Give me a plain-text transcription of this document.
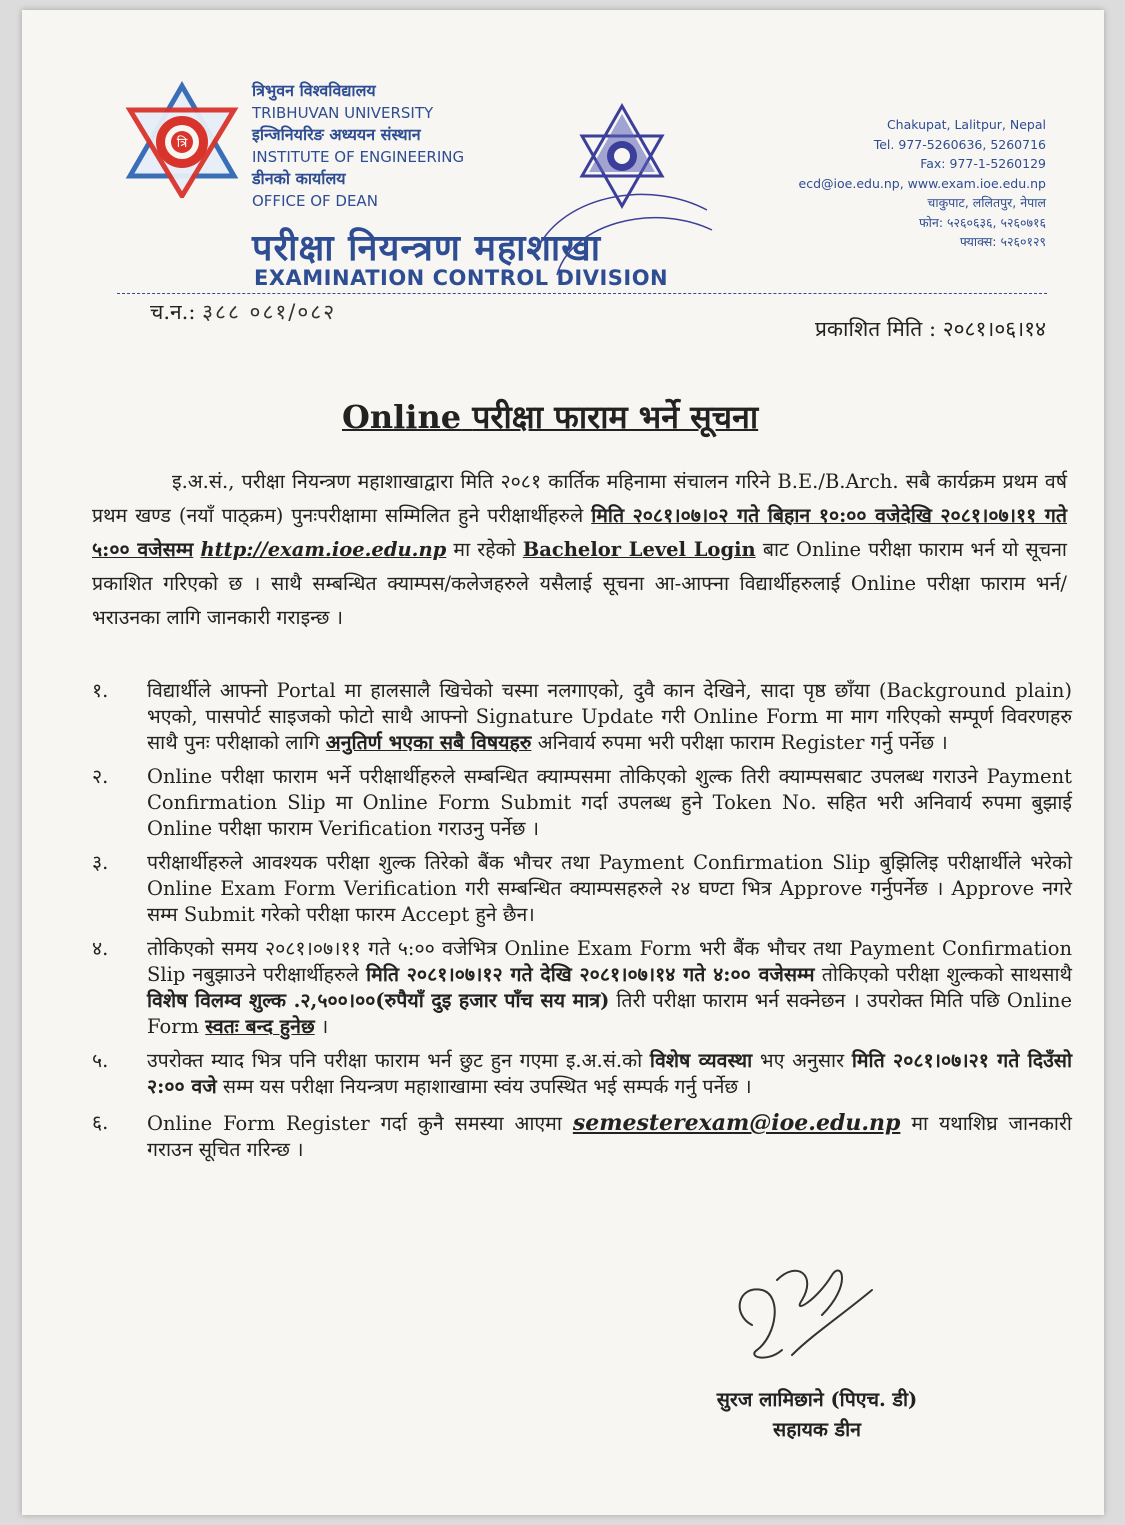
त्रि
त्रिभुवन विश्वविद्यालय
TRIBHUVAN UNIVERSITY
इन्जिनियरिङ अध्ययन संस्थान
INSTITUTE OF ENGINEERING
डीनको कार्यालय
OFFICE OF DEAN
परीक्षा नियन्त्रण महाशाखा
EXAMINATION CONTROL DIVISION
Chakupat, Lalitpur, Nepal
Tel. 977-5260636, 5260716
Fax: 977-1-5260129
ecd@ioe.edu.np, www.exam.ioe.edu.np
चाकुपाट, ललितपुर, नेपाल
फोन: ५२६०६३६, ५२६०७१६
फ्याक्स: ५२६०१२९
च.न.: ३८८ ०८१/०८२
प्रकाशित मिति : २०८१।०६।१४
Online परीक्षा फाराम भर्ने सूचना
इ.अ.सं., परीक्षा नियन्त्रण महाशाखाद्वारा मिति २०८१ कार्तिक महिनामा संचालन गरिने B.E./B.Arch. सबै कार्यक्रम प्रथम वर्ष प्रथम खण्ड (नयाँ पाठ्क्रम) पुनःपरीक्षामा सम्मिलित हुने परीक्षार्थीहरुले मिति २०८१।०७।०२ गते बिहान १०:०० वजेदेखि २०८१।०७।११ गते ५:०० वजेसम्म http://exam.ioe.edu.np मा रहेको Bachelor Level Login बाट Online परीक्षा फाराम भर्न यो सूचना प्रकाशित गरिएको छ । साथै सम्बन्धित क्याम्पस/कलेजहरुले यसैलाई सूचना आ-आफ्ना विद्यार्थीहरुलाई Online परीक्षा फाराम भर्न/भराउनका लागि जानकारी गराइन्छ ।
१.	विद्यार्थीले आफ्नो Portal मा हालसालै खिचेको चस्मा नलगाएको, दुवै कान देखिने, सादा पृष्ठ छाँया (Background plain) भएको, पासपोर्ट साइजको फोटो साथै आफ्नो Signature Update गरी Online Form मा माग गरिएको सम्पूर्ण विवरणहरु साथै पुनः परीक्षाको लागि अनुतिर्ण भएका सबै विषयहरु अनिवार्य रुपमा भरी परीक्षा फाराम Register गर्नु पर्नेछ ।
२.	Online परीक्षा फाराम भर्ने परीक्षार्थीहरुले सम्बन्धित क्याम्पसमा तोकिएको शुल्क तिरी क्याम्पसबाट उपलब्ध गराउने Payment Confirmation Slip मा Online Form Submit गर्दा उपलब्ध हुने Token No. सहित भरी अनिवार्य रुपमा बुझाई Online परीक्षा फाराम Verification गराउनु पर्नेछ ।
३.	परीक्षार्थीहरुले आवश्यक परीक्षा शुल्क तिरेको बैंक भौचर तथा Payment Confirmation Slip बुझिलिइ परीक्षार्थीले भरेको Online Exam Form Verification गरी सम्बन्धित क्याम्पसहरुले २४ घण्टा भित्र Approve गर्नुपर्नेछ । Approve नगरे सम्म Submit गरेको परीक्षा फारम Accept हुने छैन।
४.	तोकिएको समय २०८१।०७।११ गते ५:०० वजेभित्र Online Exam Form भरी बैंक भौचर तथा Payment Confirmation Slip नबुझाउने परीक्षार्थीहरुले मिति २०८१।०७।१२ गते देखि २०८१।०७।१४ गते ४:०० वजेसम्म तोकिएको परीक्षा शुल्कको साथसाथै विशेष विलम्व शुल्क .२,५००।००(रुपैयाँ दुइ हजार पाँच सय मात्र) तिरी परीक्षा फाराम भर्न सक्नेछन । उपरोक्त मिति पछि Online Form स्वतः बन्द हुनेछ ।
५.	उपरोक्त म्याद भित्र पनि परीक्षा फाराम भर्न छुट हुन गएमा इ.अ.सं.को विशेष व्यवस्था भए अनुसार मिति २०८१।०७।२१ गते दिउँसो २:०० वजे सम्म यस परीक्षा नियन्त्रण महाशाखामा स्वंय उपस्थित भई सम्पर्क गर्नु पर्नेछ ।
६.	Online Form Register गर्दा कुनै समस्या आएमा semesterexam@ioe.edu.np मा यथाशिघ्र जानकारी गराउन सूचित गरिन्छ ।
सुरज लामिछाने (पिएच. डी)
सहायक डीन
